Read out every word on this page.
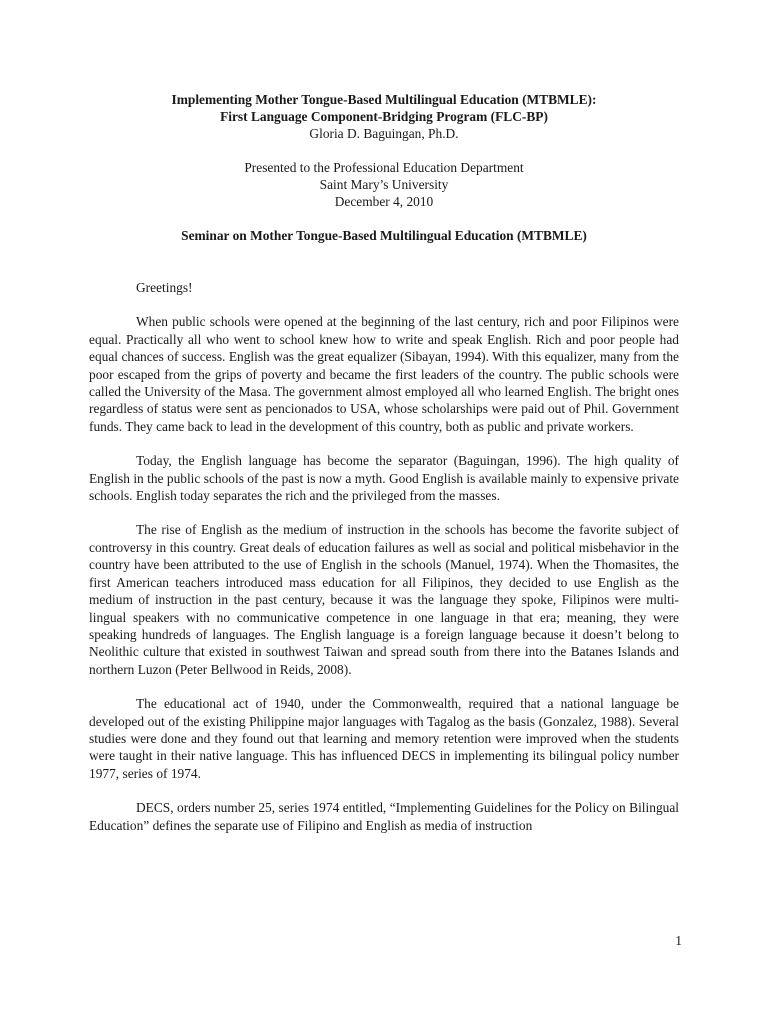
Implementing Mother Tongue-Based Multilingual Education (MTBMLE):
First Language Component-Bridging Program (FLC-BP)
Gloria D. Baguingan, Ph.D.
Presented to the Professional Education Department
Saint Mary’s University
December 4, 2010
Seminar on Mother Tongue-Based Multilingual Education (MTBMLE)
Greetings!

When public schools were opened at the beginning of the last century, rich and poor Filipinos were equal. Practically all who went to school knew how to write and speak English. Rich and poor people had equal chances of success. English was the great equalizer (Sibayan, 1994). With this equalizer, many from the poor escaped from the grips of poverty and became the first leaders of the country. The public schools were called the University of the Masa. The government almost employed all who learned English. The bright ones regardless of status were sent as pencionados to USA, whose scholarships were paid out of Phil. Government funds. They came back to lead in the development of this country, both as public and private workers.

Today, the English language has become the separator (Baguingan, 1996). The high quality of English in the public schools of the past is now a myth. Good English is available mainly to expensive private schools. English today separates the rich and the privileged from the masses.

The rise of English as the medium of instruction in the schools has become the favorite subject of controversy in this country. Great deals of education failures as well as social and political misbehavior in the country have been attributed to the use of English in the schools (Manuel, 1974). When the Thomasites, the first American teachers introduced mass education for all Filipinos, they decided to use English as the medium of instruction in the past century, because it was the language they spoke, Filipinos were multi-lingual speakers with no communicative competence in one language in that era; meaning, they were speaking hundreds of languages. The English language is a foreign language because it doesn’t belong to Neolithic culture that existed in southwest Taiwan and spread south from there into the Batanes Islands and northern Luzon (Peter Bellwood in Reids, 2008).

The educational act of 1940, under the Commonwealth, required that a national language be developed out of the existing Philippine major languages with Tagalog as the basis (Gonzalez, 1988). Several studies were done and they found out that learning and memory retention were improved when the students were taught in their native language. This has influenced DECS in implementing its bilingual policy number 1977, series of 1974.

DECS, orders number 25, series 1974 entitled, “Implementing Guidelines for the Policy on Bilingual Education” defines the separate use of Filipino and English as media of instruction

1
